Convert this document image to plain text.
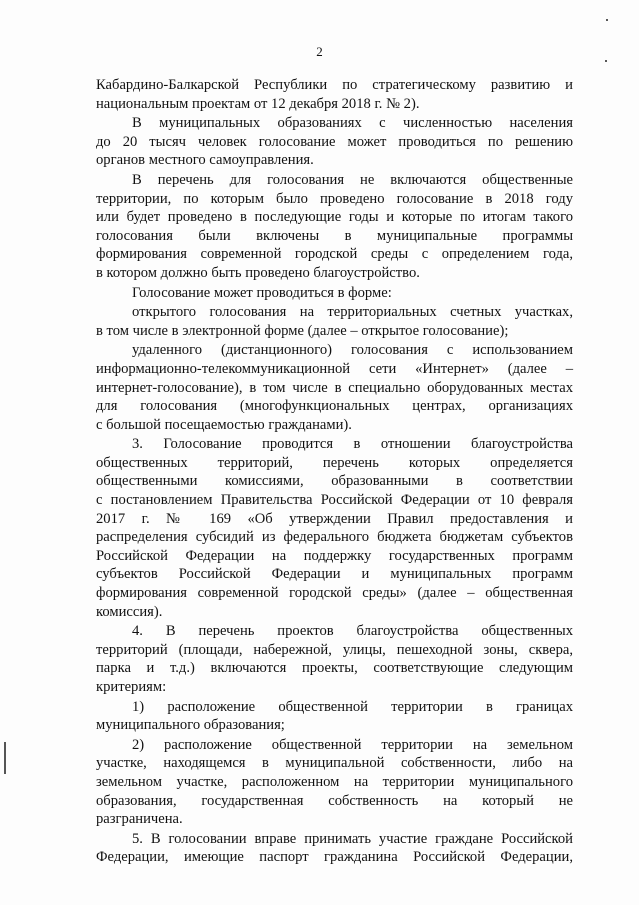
2
Кабардино-Балкарской Республики по стратегическому развитию и
национальным проектам от 12 декабря 2018 г. № 2).
В муниципальных образованиях с численностью населения
до 20 тысяч человек голосование может проводиться по решению
органов местного самоуправления.
В перечень для голосования не включаются общественные
территории, по которым было проведено голосование в 2018 году
или будет проведено в последующие годы и которые по итогам такого
голосования были включены в муниципальные программы
формирования современной городской среды с определением года,
в котором должно быть проведено благоустройство.
Голосование может проводиться в форме:
открытого голосования на территориальных счетных участках,
в том числе в электронной форме (далее – открытое голосование);
удаленного (дистанционного) голосования с использованием
информационно-телекоммуникационной сети «Интернет» (далее –
интернет-голосование), в том числе в специально оборудованных местах
для голосования (многофункциональных центрах, организациях
с большой посещаемостью гражданами).
3. Голосование проводится в отношении благоустройства
общественных территорий, перечень которых определяется
общественными комиссиями, образованными в соответствии
с постановлением Правительства Российской Федерации от 10 февраля
2017 г. № 169 «Об утверждении Правил предоставления и
распределения субсидий из федерального бюджета бюджетам субъектов
Российской Федерации на поддержку государственных программ
субъектов Российской Федерации и муниципальных программ
формирования современной городской среды» (далее – общественная
комиссия).
4. В перечень проектов благоустройства общественных
территорий (площади, набережной, улицы, пешеходной зоны, сквера,
парка и т.д.) включаются проекты, соответствующие следующим
критериям:
1) расположение общественной территории в границах
муниципального образования;
2) расположение общественной территории на земельном
участке, находящемся в муниципальной собственности, либо на
земельном участке, расположенном на территории муниципального
образования, государственная собственность на который не
разграничена.
5. В голосовании вправе принимать участие граждане Российской
Федерации, имеющие паспорт гражданина Российской Федерации,
